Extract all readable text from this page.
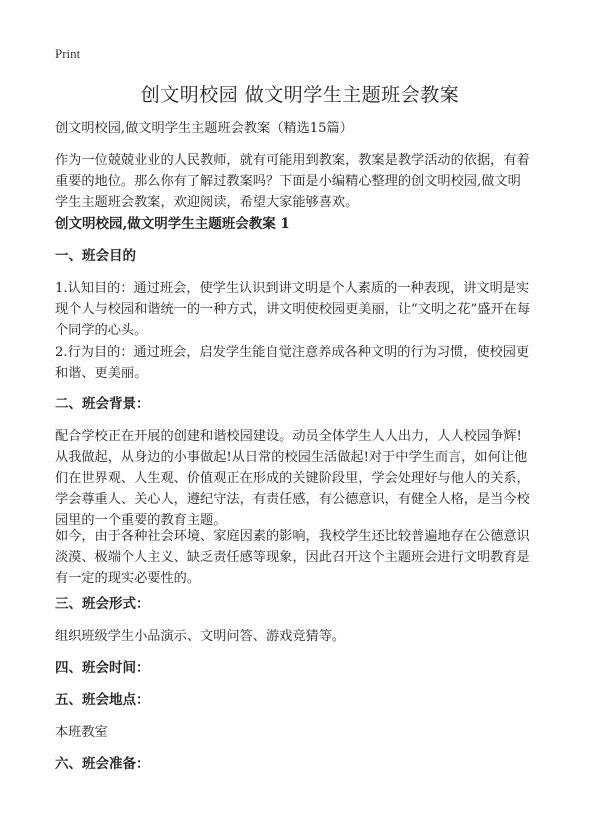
Print
创文明校园 做文明学生主题班会教案

创文明校园,做文明学生主题班会教案（精选15篇）

作为一位兢兢业业的人民教师，就有可能用到教案，教案是教学活动的依据，有着
重要的地位。那么你有了解过教案吗？下面是小编精心整理的创文明校园,做文明
学生主题班会教案，欢迎阅读，希望大家能够喜欢。

创文明校园,做文明学生主题班会教案 1

一、班会目的

1.认知目的：通过班会，使学生认识到讲文明是个人素质的一种表现，讲文明是实
现个人与校园和谐统一的一种方式，讲文明使校园更美丽，让“文明之花”盛开在每
个同学的心头。

2.行为目的：通过班会，启发学生能自觉注意养成各种文明的行为习惯，使校园更
和谐、更美丽。

二、班会背景：

配合学校正在开展的创建和谐校园建设。动员全体学生人人出力，人人校园争辉!
从我做起，从身边的小事做起!从日常的校园生活做起!对于中学生而言，如何让他
们在世界观、人生观、价值观正在形成的关键阶段里，学会处理好与他人的关系，
学会尊重人、关心人，遵纪守法，有责任感，有公德意识，有健全人格，是当今校
园里的一个重要的教育主题。

如今，由于各种社会环境、家庭因素的影响，我校学生还比较普遍地存在公德意识
淡漠、极端个人主义、缺乏责任感等现象，因此召开这个主题班会进行文明教育是
有一定的现实必要性的。

三、班会形式：

组织班级学生小品演示、文明问答、游戏竞猜等。

四、班会时间：

五、班会地点：

本班教室

六、班会准备：
